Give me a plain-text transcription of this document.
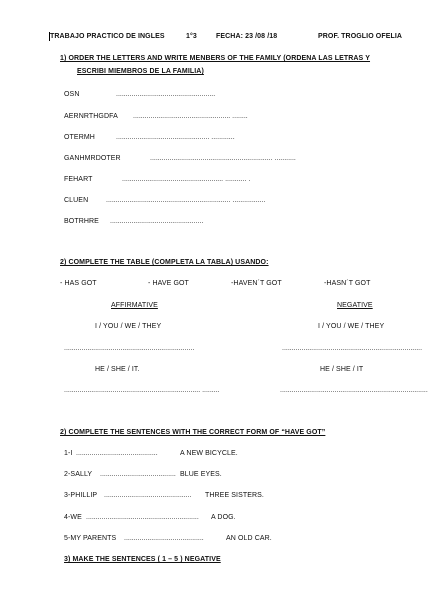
TRABAJO PRACTICO DE INGLES	1°3	FECHA: 23 /08 /18	PROF. TROGLIO OFELIA
1) ORDER THE LETTERS AND WRITE MENBERS OF THE FAMILY (ORDENA LAS LETRAS Y
ESCRIBI MIEMBROS DE LA FAMILIA)
OSN	...................................................
AERNRTHGDFA .................................................. ........
OTERMH	................................................ ............
GANHMRDOTER	............................................................... ...........
FEHART	.................................................... ........... .
CLUEN	................................................................ .................
BOTRHRE ................................................
2) COMPLETE THE TABLE (COMPLETA LA TABLA) USANDO:
- HAS GOT	- HAVE GOT	-HAVEN´T GOT	-HASN´T GOT
AFFIRMATIVE	NEGATIVE
I / YOU / WE / THEY	I / YOU / WE / THEY
...................................................................	........................................................................
HE / SHE / IT.	HE / SHE / IT
...................................................................... .........	............................................................................
2) COMPLETE THE SENTENCES WITH THE CORRECT FORM OF “HAVE GOT”
1-I ..........................................	A NEW BICYCLE.
2-SALLY ....................................... BLUE EYES.
3-PHILLIP ............................................. THREE SISTERS.
4-WE .......................................................... A DOG.
5-MY PARENTS .........................................	AN OLD CAR.
3) MAKE THE SENTENCES ( 1 – 5 ) NEGATIVE
